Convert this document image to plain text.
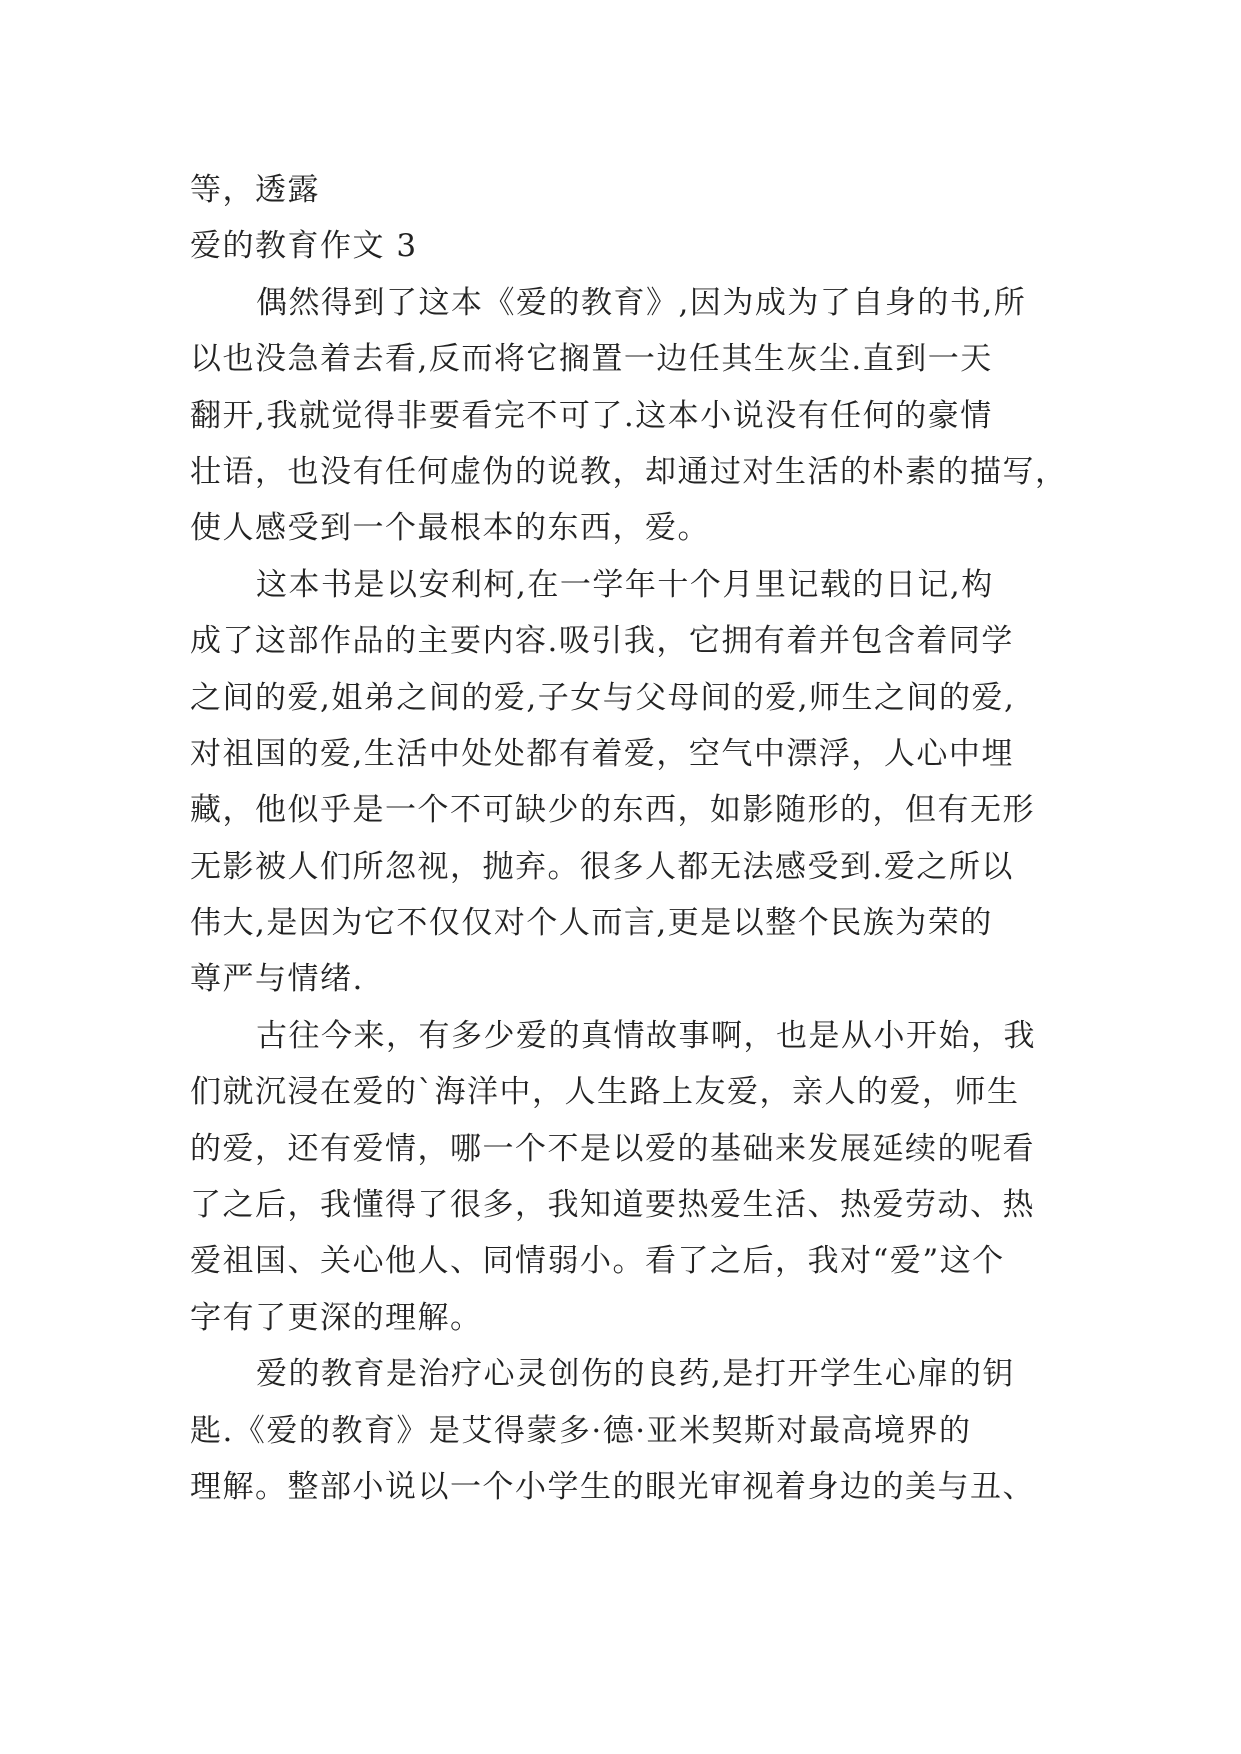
等，透露
爱的教育作文 3
偶然得到了这本《爱的教育》,因为成为了自身的书,所
以也没急着去看,反而将它搁置一边任其生灰尘.直到一天
翻开,我就觉得非要看完不可了.这本小说没有任何的豪情
壮语，也没有任何虚伪的说教，却通过对生活的朴素的描写，
使人感受到一个最根本的东西，爱。
这本书是以安利柯,在一学年十个月里记载的日记,构
成了这部作品的主要内容.吸引我，它拥有着并包含着同学
之间的爱,姐弟之间的爱,子女与父母间的爱,师生之间的爱,
对祖国的爱,生活中处处都有着爱，空气中漂浮，人心中埋
藏，他似乎是一个不可缺少的东西，如影随形的，但有无形
无影被人们所忽视，抛弃。很多人都无法感受到.爱之所以
伟大,是因为它不仅仅对个人而言,更是以整个民族为荣的
尊严与情绪.
古往今来，有多少爱的真情故事啊，也是从小开始，我
们就沉浸在爱的`海洋中，人生路上友爱，亲人的爱，师生
的爱，还有爱情，哪一个不是以爱的基础来发展延续的呢看
了之后，我懂得了很多，我知道要热爱生活、热爱劳动、热
爱祖国、关心他人、同情弱小。看了之后，我对“爱”这个
字有了更深的理解。
爱的教育是治疗心灵创伤的良药,是打开学生心扉的钥
匙.《爱的教育》是艾得蒙多·德·亚米契斯对最高境界的
理解。整部小说以一个小学生的眼光审视着身边的美与丑、
